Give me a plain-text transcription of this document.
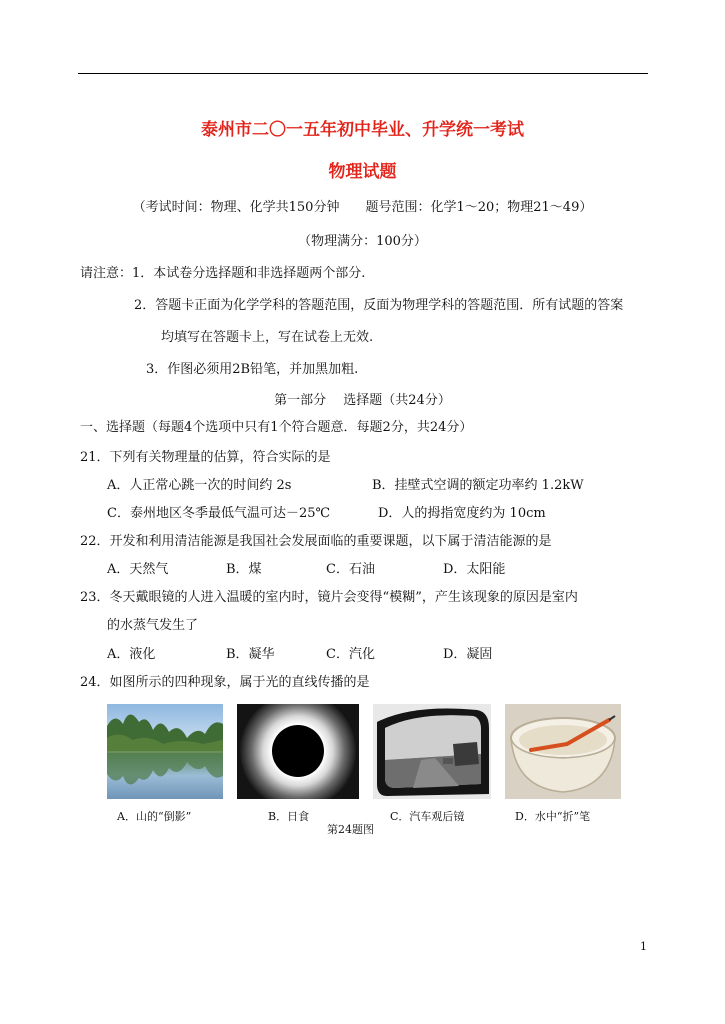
泰州市二〇一五年初中毕业、升学统一考试
物理试题
（考试时间：物理、化学共150分钟　　题号范围：化学1～20；物理21～49）
（物理满分：100分）
请注意：1．本试卷分选择题和非选择题两个部分.
2．答题卡正面为化学学科的答题范围，反面为物理学科的答题范围．所有试题的答案
均填写在答题卡上，写在试卷上无效.
3．作图必须用2B铅笔，并加黑加粗.
第一部分　 选择题（共24分）
一、选择题（每题4个选项中只有1个符合题意．每题2分，共24分）
21．下列有关物理量的估算，符合实际的是
A．人正常心跳一次的时间约 2s	B．挂壁式空调的额定功率约 1.2kW
C．泰州地区冬季最低气温可达－25℃	D．人的拇指宽度约为 10cm
22．开发和利用清洁能源是我国社会发展面临的重要课题，以下属于清洁能源的是
A．天然气	B．煤	C．石油	D．太阳能
23．冬天戴眼镜的人进入温暖的室内时，镜片会变得“模糊”，产生该现象的原因是室内
的水蒸气发生了
A．液化	B．凝华	C．汽化	D．凝固
24．如图所示的四种现象，属于光的直线传播的是
A．山的“倒影”	B．日食	C．汽车观后镜	D．水中“折”笔
第24题图
1
